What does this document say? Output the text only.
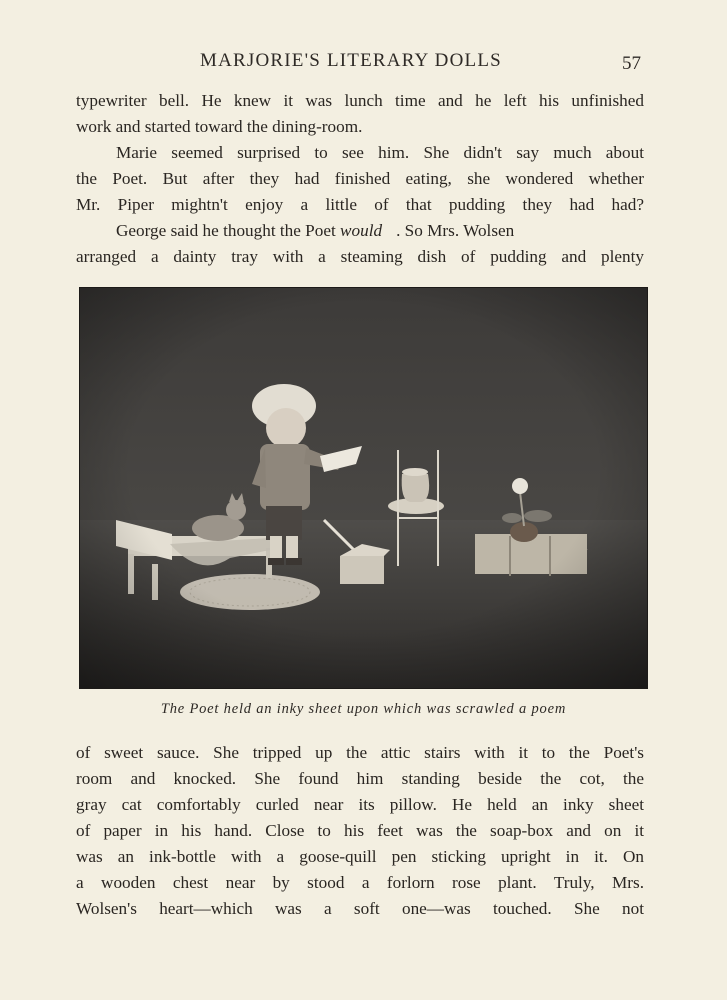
MARJORIE'S LITERARY DOLLS	57
typewriter bell. He knew it was lunch time and he left his unfinished
work and started toward the dining-room.
Marie seemed surprised to see him. She didn't say much about
the Poet. But after they had finished eating, she wondered whether
Mr. Piper mightn't enjoy a little of that pudding they had had?
George said he thought the Poet would . So Mrs. Wolsen
arranged a dainty tray with a steaming dish of pudding and plenty
The Poet held an inky sheet upon which was scrawled a poem
of sweet sauce. She tripped up the attic stairs with it to the Poet's
room and knocked. She found him standing beside the cot, the
gray cat comfortably curled near its pillow. He held an inky sheet
of paper in his hand. Close to his feet was the soap-box and on it
was an ink-bottle with a goose-quill pen sticking upright in it. On
a wooden chest near by stood a forlorn rose plant. Truly, Mrs.
Wolsen's heart—which was a soft one—was touched. She not
